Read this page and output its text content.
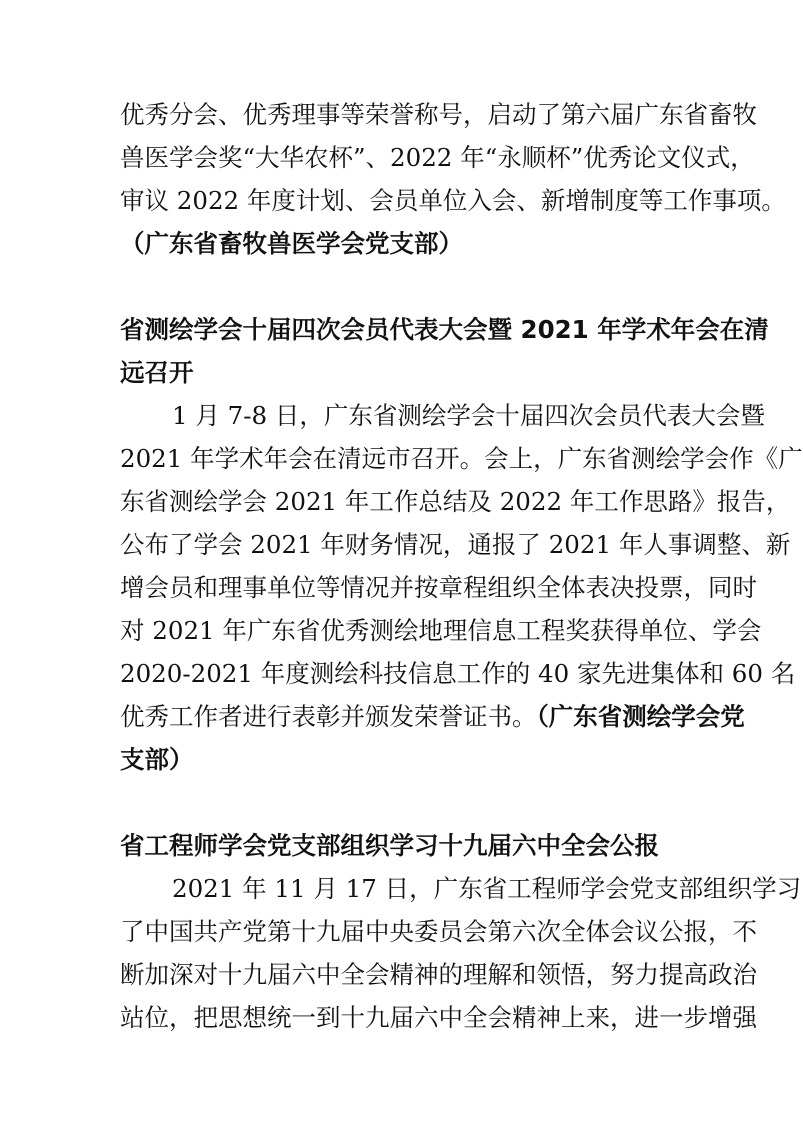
优秀分会、优秀理事等荣誉称号，启动了第六届广东省畜牧
兽医学会奖“大华农杯”、2022 年“永顺杯”优秀论文仪式，
审议 2022 年度计划、会员单位入会、新增制度等工作事项。
（广东省畜牧兽医学会党支部）
省测绘学会十届四次会员代表大会暨 2021 年学术年会在清
远召开
1 月 7-8 日，广东省测绘学会十届四次会员代表大会暨
2021 年学术年会在清远市召开。会上，广东省测绘学会作《广
东省测绘学会 2021 年工作总结及 2022 年工作思路》报告，
公布了学会 2021 年财务情况，通报了 2021 年人事调整、新
增会员和理事单位等情况并按章程组织全体表决投票，同时
对 2021 年广东省优秀测绘地理信息工程奖获得单位、学会
2020-2021 年度测绘科技信息工作的 40 家先进集体和 60 名
优秀工作者进行表彰并颁发荣誉证书。（广东省测绘学会党
支部）
省工程师学会党支部组织学习十九届六中全会公报
2021 年 11 月 17 日，广东省工程师学会党支部组织学习
了中国共产党第十九届中央委员会第六次全体会议公报，不
断加深对十九届六中全会精神的理解和领悟，努力提高政治
站位，把思想统一到十九届六中全会精神上来，进一步增强
